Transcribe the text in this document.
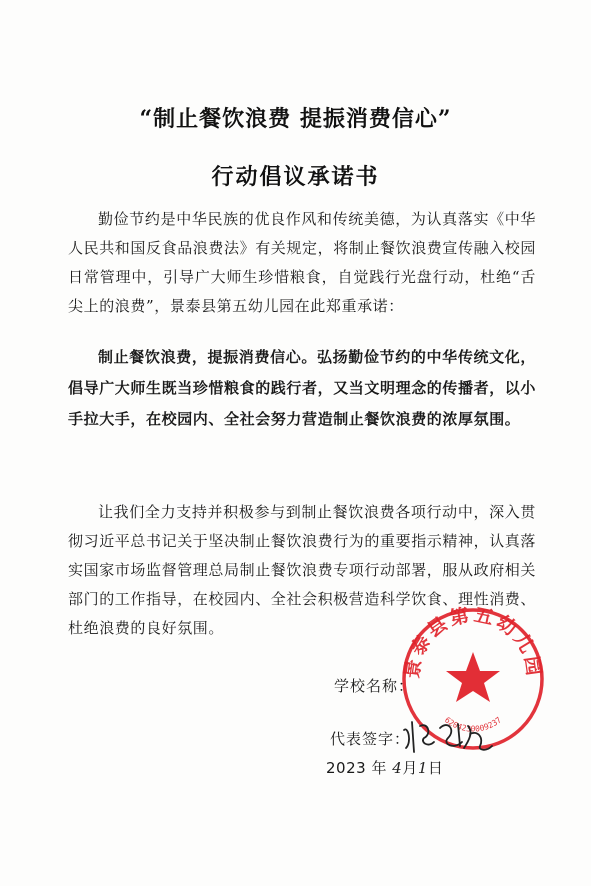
“制止餐饮浪费 提振消费信心”
行动倡议承诺书
勤俭节约是中华民族的优良作风和传统美德，为认真落实《中华人民共和国反食品浪费法》有关规定，将制止餐饮浪费宣传融入校园日常管理中，引导广大师生珍惜粮食，自觉践行光盘行动，杜绝“舌尖上的浪费”，景泰县第五幼儿园在此郑重承诺：
制止餐饮浪费，提振消费信心。弘扬勤俭节约的中华传统文化，倡导广大师生既当珍惜粮食的践行者，又当文明理念的传播者，以小手拉大手，在校园内、全社会努力营造制止餐饮浪费的浓厚氛围。
让我们全力支持并积极参与到制止餐饮浪费各项行动中，深入贯彻习近平总书记关于坚决制止餐饮浪费行为的重要指示精神，认真落实国家市场监督管理总局制止餐饮浪费专项行动部署，服从政府相关部门的工作指导，在校园内、全社会积极营造科学饮食、理性消费、杜绝浪费的良好氛围。
景泰县第五幼儿园
6204230009237
学校名称：
代表签字：
2023 年 4月1日
